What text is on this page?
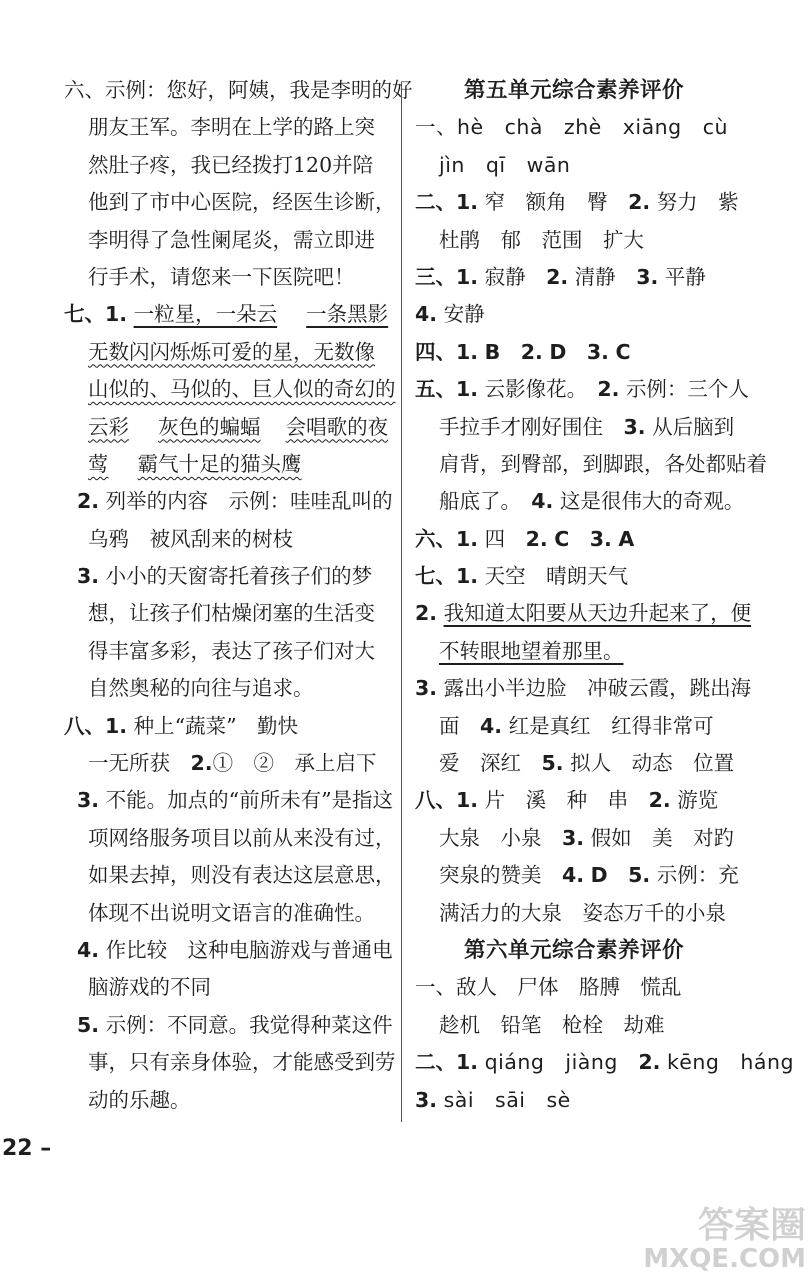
六、示例：您好，阿姨，我是李明的好
朋友王军。李明在上学的路上突
然肚子疼，我已经拨打120并陪
他到了市中心医院，经医生诊断，
李明得了急性阑尾炎，需立即进
行手术，请您来一下医院吧！
七、1. 一粒星，一朵云 一条黑影
无数闪闪烁烁可爱的星，无数像
山似的、马似的、巨人似的奇幻的
云彩 灰色的蝙蝠 会唱歌的夜
莺 霸气十足的猫头鹰
2. 列举的内容　示例：哇哇乱叫的
乌鸦　被风刮来的树枝
3. 小小的天窗寄托着孩子们的梦
想，让孩子们枯燥闭塞的生活变
得丰富多彩，表达了孩子们对大
自然奥秘的向往与追求。
八、1. 种上“蔬菜”　勤快
一无所获　 2.①　②　承上启下
3. 不能。加点的“前所未有”是指这
项网络服务项目以前从来没有过，
如果去掉，则没有表达这层意思，
体现不出说明文语言的准确性。
4. 作比较　这种电脑游戏与普通电
脑游戏的不同
5. 示例：不同意。我觉得种菜这件
事，只有亲身体验，才能感受到劳
动的乐趣。
第五单元综合素养评价
一、hè　chà　zhè　xiāng　cù
jìn　qī　wān
二、1. 窄　额角　臀　 2. 努力　紫
杜鹃　郁　范围　扩大
三、1. 寂静　 2. 清静　 3. 平静
4. 安静
四、1. B　 2. D　 3. C
五、1. 云影像花。　 2. 示例：三个人
手拉手才刚好围住　 3. 从后脑到
肩背，到臀部，到脚跟，各处都贴着
船底了。　 4. 这是很伟大的奇观。
六、1. 四　 2. C　 3. A
七、1. 天空　晴朗天气
2. 我知道太阳要从天边升起来了，便
不转眼地望着那里。
3. 露出小半边脸　冲破云霞，跳出海
面　 4. 红是真红　红得非常可
爱　深红　 5. 拟人　动态　位置
八、1. 片　溪　种　串　 2. 游览
大泉　小泉　 3. 假如　美　对趵
突泉的赞美　 4. D　 5. 示例：充
满活力的大泉　姿态万千的小泉
第六单元综合素养评价
一、敌人　尸体　胳膊　慌乱
趁机　铅笔　枪栓　劫难
二、1. qiáng　jiàng　 2. kēng　háng
3. sài　sāi　sè
22 –
答案圈
MXQE.COM
